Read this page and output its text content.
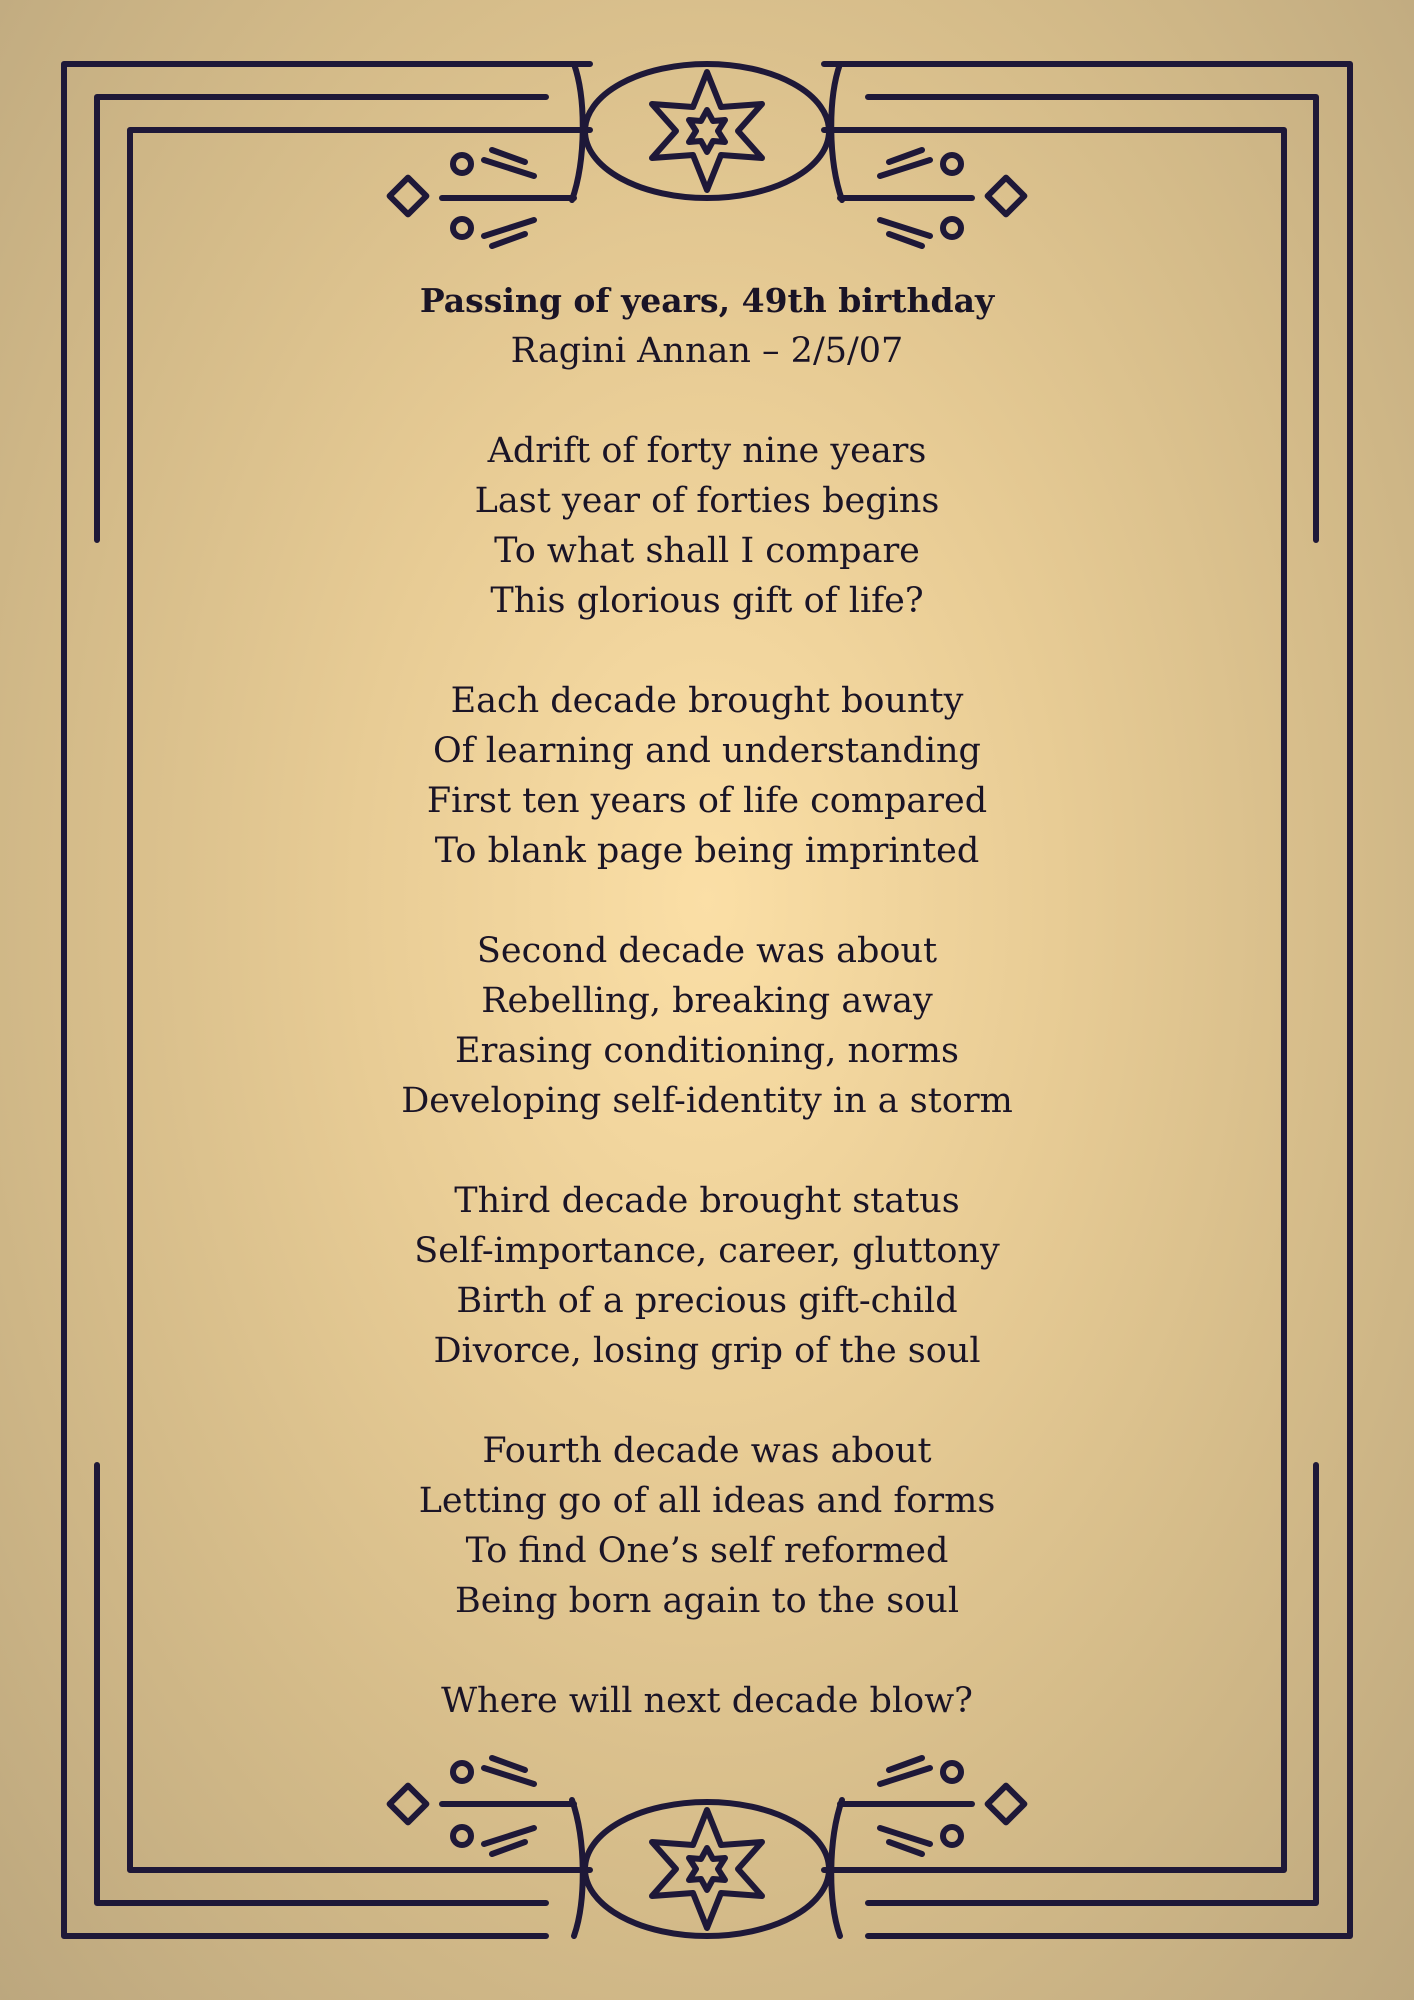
Passing of years, 49th birthday
Ragini Annan – 2/5/07
Adrift of forty nine years
Last year of forties begins
To what shall I compare
This glorious gift of life?
Each decade brought bounty
Of learning and understanding
First ten years of life compared
To blank page being imprinted
Second decade was about
Rebelling, breaking away
Erasing conditioning, norms
Developing self-identity in a storm
Third decade brought status
Self-importance, career, gluttony
Birth of a precious gift-child
Divorce, losing grip of the soul
Fourth decade was about
Letting go of all ideas and forms
To find One’s self reformed
Being born again to the soul
Where will next decade blow?
